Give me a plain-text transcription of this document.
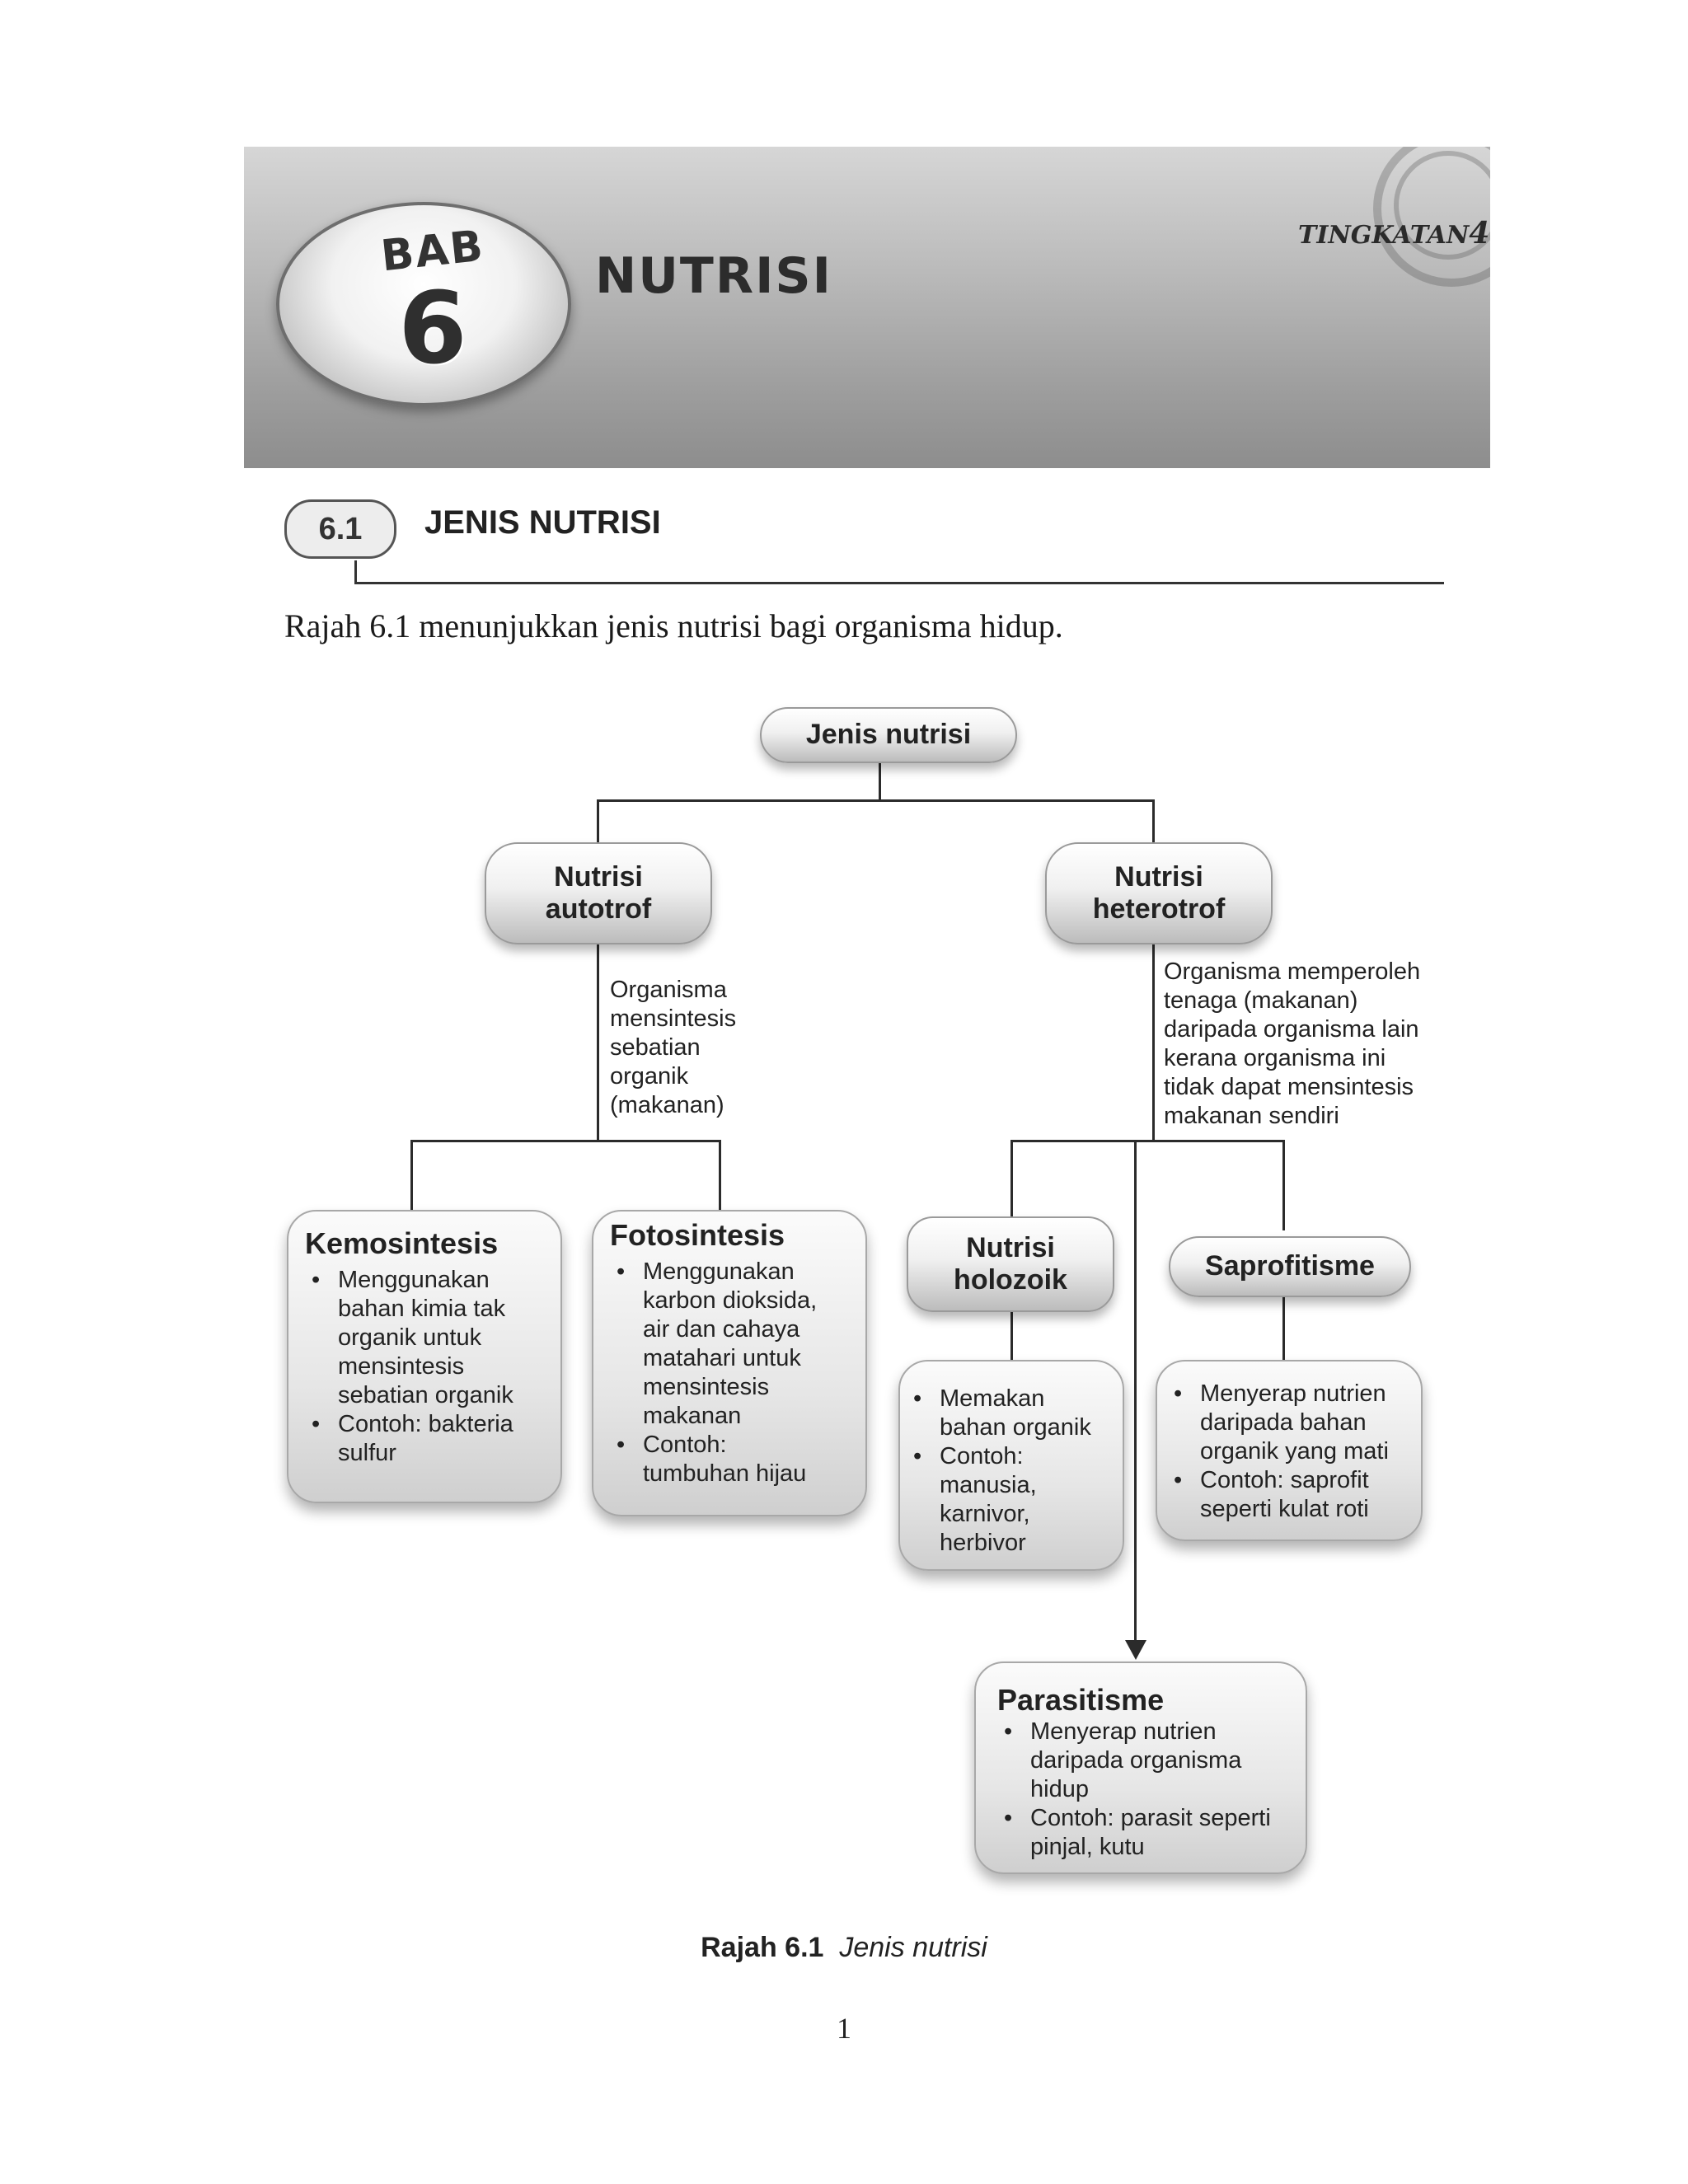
BAB
6	NUTRISI
TINGKATAN4
6.1	JENIS NUTRISI
Rajah 6.1 menunjukkan jenis nutrisi bagi organisma hidup.
Jenis nutrisi
Nutrisi
autotrof
Nutrisi
heterotrof
Organisma
mensintesis
sebatian
organik
(makanan)
Organisma memperoleh
tenaga (makanan)
daripada organisma lain
kerana organisma ini
tidak dapat mensintesis
makanan sendiri
Kemosintesis
• Menggunakan
bahan kimia tak
organik untuk
mensintesis
sebatian organik
• Contoh: bakteria
sulfur
Fotosintesis
• Menggunakan
karbon dioksida,
air dan cahaya
matahari untuk
mensintesis
makanan
• Contoh:
tumbuhan hijau
Nutrisi
holozoik
• Memakan
bahan organik
• Contoh:
manusia,
karnivor,
herbivor
Saprofitisme
• Menyerap nutrien
daripada bahan
organik yang mati
• Contoh: saprofit
seperti kulat roti
Parasitisme
• Menyerap nutrien
daripada organisma
hidup
• Contoh: parasit seperti
pinjal, kutu
Rajah 6.1 Jenis nutrisi
1
